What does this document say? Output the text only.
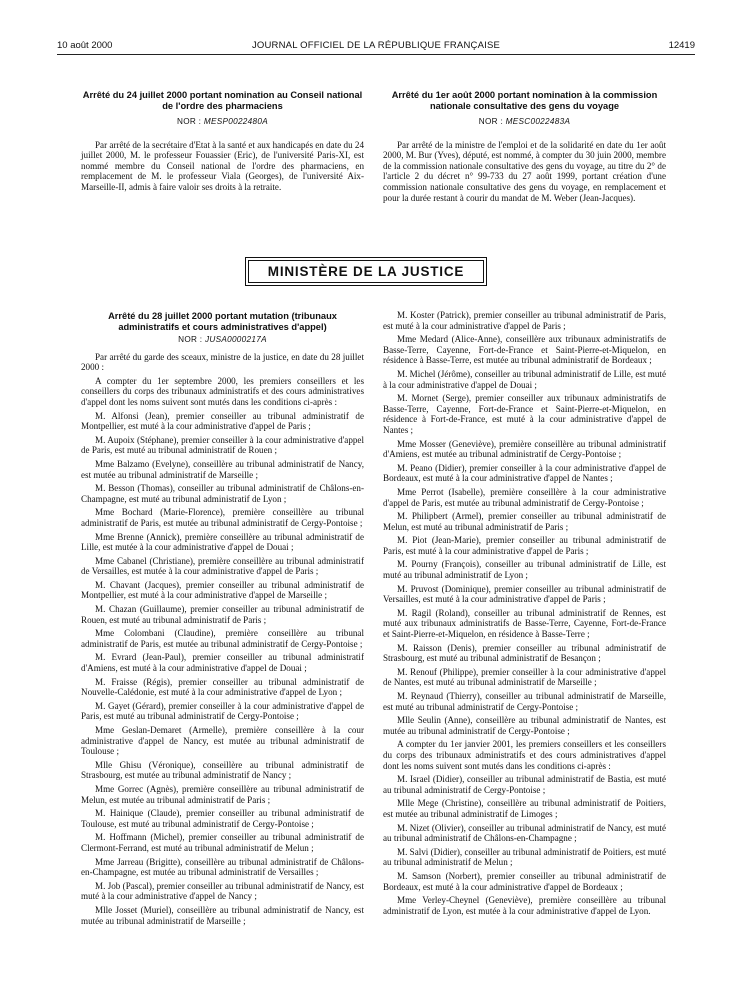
10 août 2000	JOURNAL OFFICIEL DE LA RÉPUBLIQUE FRANÇAISE	12419

Arrêté du 24 juillet 2000 portant nomination au Conseil national de l'ordre des pharmaciens

NOR : MESP0022480A

Par arrêté de la secrétaire d'Etat à la santé et aux handicapés en date du 24 juillet 2000, M. le professeur Fouassier (Eric), de l'université Paris-XI, est nommé membre du Conseil national de l'ordre des pharmaciens, en remplacement de M. le professeur Viala (Georges), de l'université Aix-Marseille-II, admis à faire valoir ses droits à la retraite.

Arrêté du 1er août 2000 portant nomination à la commission nationale consultative des gens du voyage

NOR : MESC0022483A

Par arrêté de la ministre de l'emploi et de la solidarité en date du 1er août 2000, M. Bur (Yves), député, est nommé, à compter du 30 juin 2000, membre de la commission nationale consultative des gens du voyage, au titre du 2° de l'article 2 du décret n° 99-733 du 27 août 1999, portant création d'une commission nationale consultative des gens du voyage, en remplacement et pour la durée restant à courir du mandat de M. Weber (Jean-Jacques).

MINISTÈRE DE LA JUSTICE

Arrêté du 28 juillet 2000 portant mutation (tribunaux administratifs et cours administratives d'appel)

NOR : JUSA0000217A

Par arrêté du garde des sceaux, ministre de la justice, en date du 28 juillet 2000 :

A compter du 1er septembre 2000, les premiers conseillers et les conseillers du corps des tribunaux administratifs et des cours administratives d'appel dont les noms suivent sont mutés dans les conditions ci-après :

M. Alfonsi (Jean), premier conseiller au tribunal administratif de Montpellier, est muté à la cour administrative d'appel de Paris ;

M. Aupoix (Stéphane), premier conseiller à la cour administrative d'appel de Paris, est muté au tribunal administratif de Rouen ;

Mme Balzamo (Evelyne), conseillère au tribunal administratif de Nancy, est mutée au tribunal administratif de Marseille ;

M. Besson (Thomas), conseiller au tribunal administratif de Châlons-en-Champagne, est muté au tribunal administratif de Lyon ;

Mme Bochard (Marie-Florence), première conseillère au tribunal administratif de Paris, est mutée au tribunal administratif de Cergy-Pontoise ;

Mme Brenne (Annick), première conseillère au tribunal administratif de Lille, est mutée à la cour administrative d'appel de Douai ;

Mme Cabanel (Christiane), première conseillère au tribunal administratif de Versailles, est mutée à la cour administrative d'appel de Paris ;

M. Chavant (Jacques), premier conseiller au tribunal administratif de Montpellier, est muté à la cour administrative d'appel de Marseille ;

M. Chazan (Guillaume), premier conseiller au tribunal administratif de Rouen, est muté au tribunal administratif de Paris ;

Mme Colombani (Claudine), première conseillère au tribunal administratif de Paris, est mutée au tribunal administratif de Cergy-Pontoise ;

M. Evrard (Jean-Paul), premier conseiller au tribunal administratif d'Amiens, est muté à la cour administrative d'appel de Douai ;

M. Fraisse (Régis), premier conseiller au tribunal administratif de Nouvelle-Calédonie, est muté à la cour administrative d'appel de Lyon ;

M. Gayet (Gérard), premier conseiller à la cour administrative d'appel de Paris, est muté au tribunal administratif de Cergy-Pontoise ;

Mme Geslan-Demaret (Armelle), première conseillère à la cour administrative d'appel de Nancy, est mutée au tribunal administratif de Toulouse ;

Mlle Ghisu (Véronique), conseillère au tribunal administratif de Strasbourg, est mutée au tribunal administratif de Nancy ;

Mme Gorrec (Agnès), première conseillère au tribunal administratif de Melun, est mutée au tribunal administratif de Paris ;

M. Hainique (Claude), premier conseiller au tribunal administratif de Toulouse, est muté au tribunal administratif de Cergy-Pontoise ;

M. Hoffmann (Michel), premier conseiller au tribunal administratif de Clermont-Ferrand, est muté au tribunal administratif de Melun ;

Mme Jarreau (Brigitte), conseillère au tribunal administratif de Châlons-en-Champagne, est mutée au tribunal administratif de Versailles ;

M. Job (Pascal), premier conseiller au tribunal administratif de Nancy, est muté à la cour administrative d'appel de Nancy ;

Mlle Josset (Muriel), conseillère au tribunal administratif de Nancy, est mutée au tribunal administratif de Marseille ;

M. Koster (Patrick), premier conseiller au tribunal administratif de Paris, est muté à la cour administrative d'appel de Paris ;

Mme Medard (Alice-Anne), conseillère aux tribunaux administratifs de Basse-Terre, Cayenne, Fort-de-France et Saint-Pierre-et-Miquelon, en résidence à Basse-Terre, est mutée au tribunal administratif de Bordeaux ;

M. Michel (Jérôme), conseiller au tribunal administratif de Lille, est muté à la cour administrative d'appel de Douai ;

M. Mornet (Serge), premier conseiller aux tribunaux administratifs de Basse-Terre, Cayenne, Fort-de-France et Saint-Pierre-et-Miquelon, en résidence à Fort-de-France, est muté à la cour administrative d'appel de Nantes ;

Mme Mosser (Geneviève), première conseillère au tribunal administratif d'Amiens, est mutée au tribunal administratif de Cergy-Pontoise ;

M. Peano (Didier), premier conseiller à la cour administrative d'appel de Bordeaux, est muté à la cour administrative d'appel de Nantes ;

Mme Perrot (Isabelle), première conseillère à la cour administrative d'appel de Paris, est mutée au tribunal administratif de Cergy-Pontoise ;

M. Philipbert (Armel), premier conseiller au tribunal administratif de Melun, est muté au tribunal administratif de Paris ;

M. Piot (Jean-Marie), premier conseiller au tribunal administratif de Paris, est muté à la cour administrative d'appel de Paris ;

M. Pourny (François), conseiller au tribunal administratif de Lille, est muté au tribunal administratif de Lyon ;

M. Pruvost (Dominique), premier conseiller au tribunal administratif de Versailles, est muté à la cour administrative d'appel de Paris ;

M. Ragil (Roland), conseiller au tribunal administratif de Rennes, est muté aux tribunaux administratifs de Basse-Terre, Cayenne, Fort-de-France et Saint-Pierre-et-Miquelon, en résidence à Basse-Terre ;

M. Raisson (Denis), premier conseiller au tribunal administratif de Strasbourg, est muté au tribunal administratif de Besançon ;

M. Renouf (Philippe), premier conseiller à la cour administrative d'appel de Nantes, est muté au tribunal administratif de Marseille ;

M. Reynaud (Thierry), conseiller au tribunal administratif de Marseille, est muté au tribunal administratif de Cergy-Pontoise ;

Mlle Seulin (Anne), conseillère au tribunal administratif de Nantes, est mutée au tribunal administratif de Cergy-Pontoise ;

A compter du 1er janvier 2001, les premiers conseillers et les conseillers du corps des tribunaux administratifs et des cours administratives d'appel dont les noms suivent sont mutés dans les conditions ci-après :

M. Israel (Didier), conseiller au tribunal administratif de Bastia, est muté au tribunal administratif de Cergy-Pontoise ;

Mlle Mege (Christine), conseillère au tribunal administratif de Poitiers, est mutée au tribunal administratif de Limoges ;

M. Nizet (Olivier), conseiller au tribunal administratif de Nancy, est muté au tribunal administratif de Châlons-en-Champagne ;

M. Salvi (Didier), conseiller au tribunal administratif de Poitiers, est muté au tribunal administratif de Melun ;

M. Samson (Norbert), premier conseiller au tribunal administratif de Bordeaux, est muté à la cour administrative d'appel de Bordeaux ;

Mme Verley-Cheynel (Geneviève), première conseillère au tribunal administratif de Lyon, est mutée à la cour administrative d'appel de Lyon.
